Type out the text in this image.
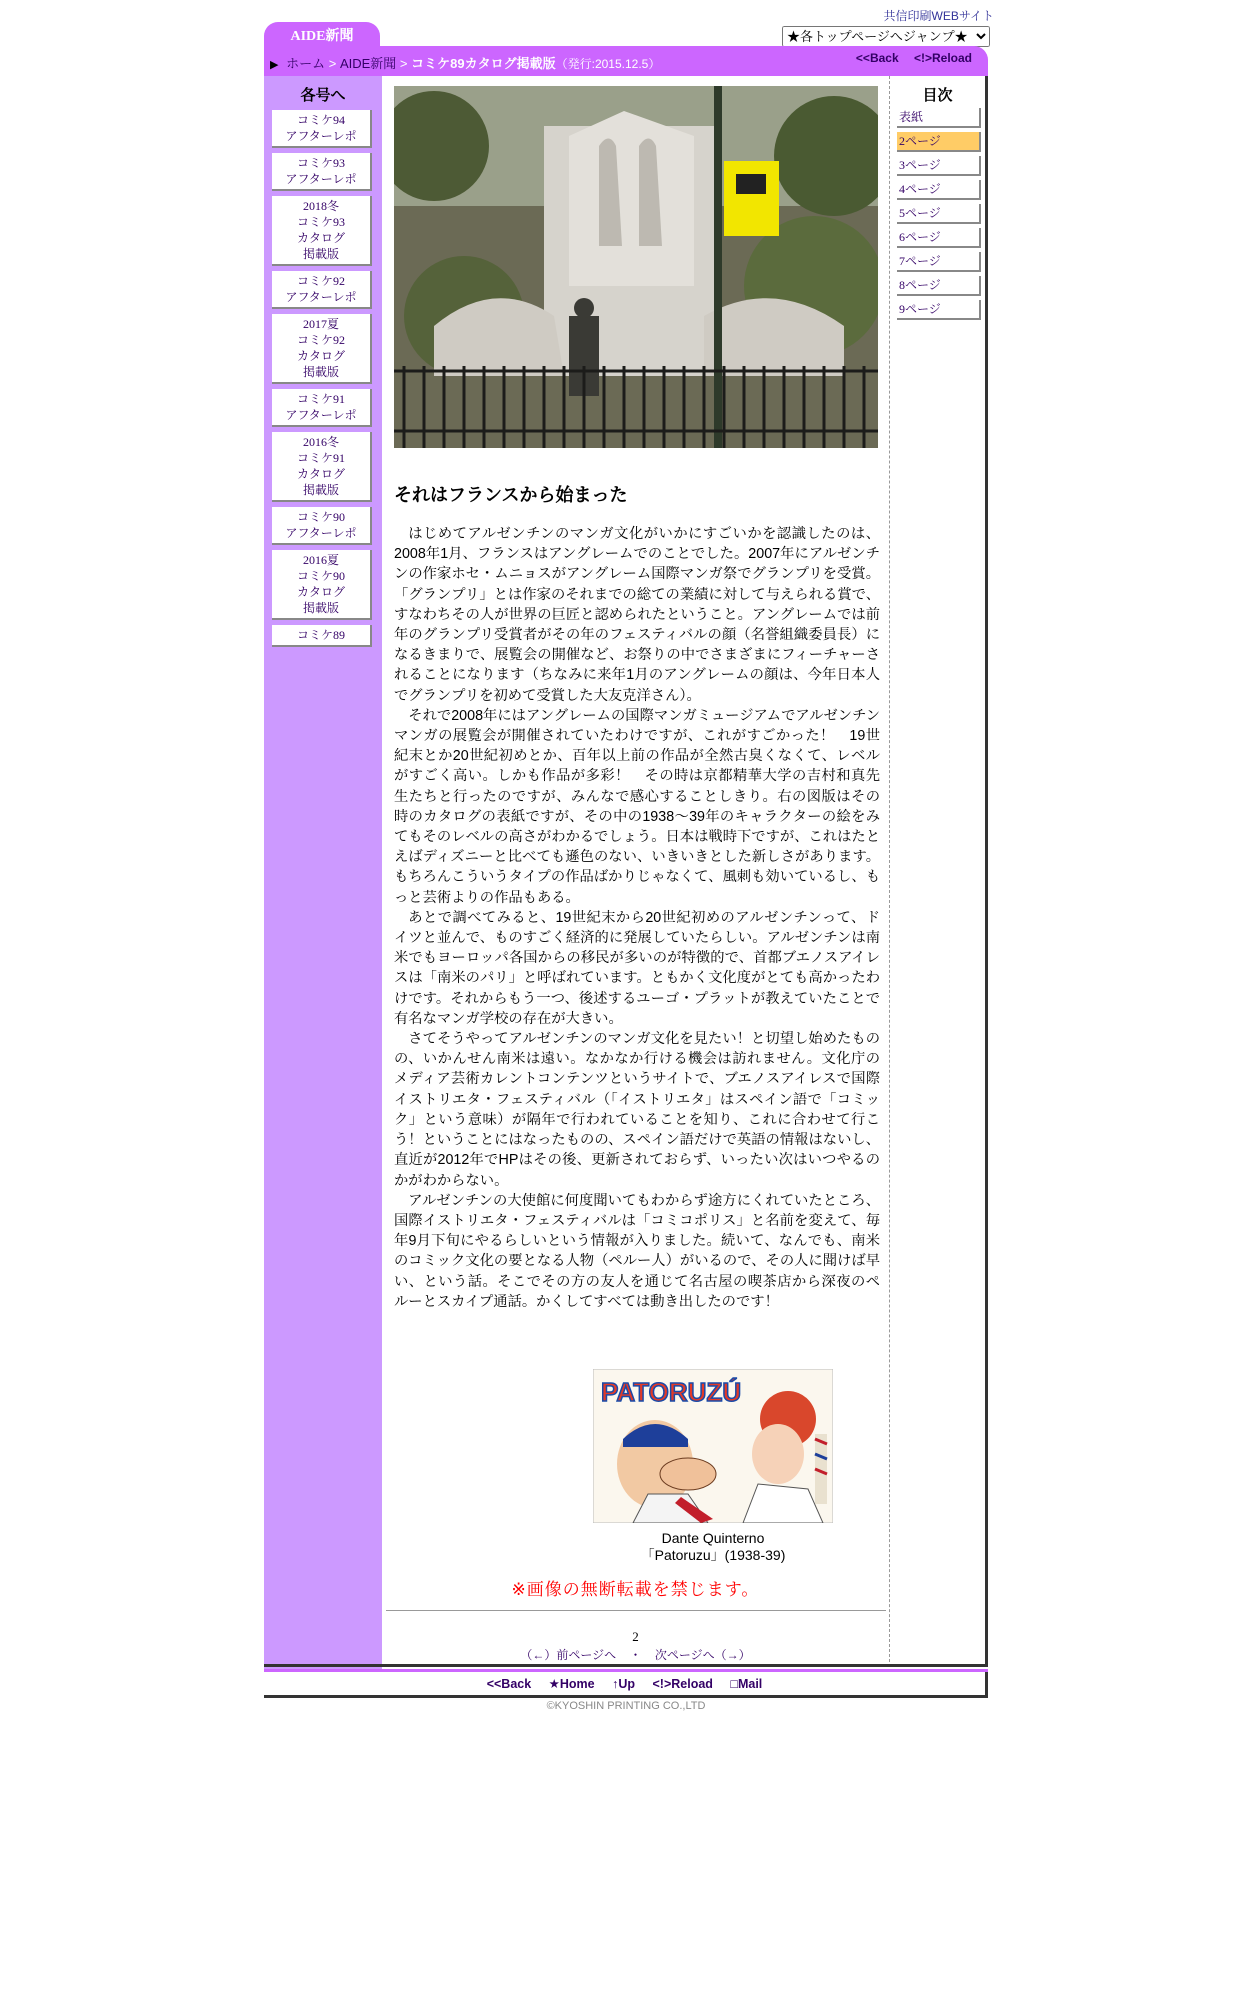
共信印刷WEBサイト
★各トップページへジャンプ★
AIDE新聞
▶ ホーム > AIDE新聞 > コミケ89カタログ掲載版（発行:2015.12.5）	<<Back <!>Reload
各号へ
コミケ94
アフターレポ
コミケ93
アフターレポ
2018冬
コミケ93
カタログ
掲載版
コミケ92
アフターレポ
2017夏
コミケ92
カタログ
掲載版
コミケ91
アフターレポ
2016冬
コミケ91
カタログ
掲載版
コミケ90
アフターレポ
2016夏
コミケ90
カタログ
掲載版
コミケ89
それはフランスから始まった

はじめてアルゼンチンのマンガ文化がいかにすごいかを認識したのは、2008年1月、フランスはアングレームでのことでした。2007年にアルゼンチンの作家ホセ・ムニョスがアングレーム国際マンガ祭でグランプリを受賞。「グランプリ」とは作家のそれまでの総ての業績に対して与えられる賞で、すなわちその人が世界の巨匠と認められたということ。アングレームでは前年のグランプリ受賞者がその年のフェスティバルの顔（名誉組織委員長）になるきまりで、展覧会の開催など、お祭りの中でさまざまにフィーチャーされることになります（ちなみに来年1月のアングレームの顔は、今年日本人でグランプリを初めて受賞した大友克洋さん）。

それで2008年にはアングレームの国際マンガミュージアムでアルゼンチンマンガの展覧会が開催されていたわけですが、これがすごかった！　19世紀末とか20世紀初めとか、百年以上前の作品が全然古臭くなくて、レベルがすごく高い。しかも作品が多彩！　その時は京都精華大学の吉村和真先生たちと行ったのですが、みんなで感心することしきり。右の図版はその時のカタログの表紙ですが、その中の1938～39年のキャラクターの絵をみてもそのレベルの高さがわかるでしょう。日本は戦時下ですが、これはたとえばディズニーと比べても遜色のない、いきいきとした新しさがあります。もちろんこういうタイプの作品ばかりじゃなくて、風刺も効いているし、もっと芸術よりの作品もある。

あとで調べてみると、19世紀末から20世紀初めのアルゼンチンって、ドイツと並んで、ものすごく経済的に発展していたらしい。アルゼンチンは南米でもヨーロッパ各国からの移民が多いのが特徴的で、首都ブエノスアイレスは「南米のパリ」と呼ばれています。ともかく文化度がとても高かったわけです。それからもう一つ、後述するユーゴ・プラットが教えていたことで有名なマンガ学校の存在が大きい。

さてそうやってアルゼンチンのマンガ文化を見たい！と切望し始めたものの、いかんせん南米は遠い。なかなか行ける機会は訪れません。文化庁のメディア芸術カレントコンテンツというサイトで、ブエノスアイレスで国際イストリエタ・フェスティバル（「イストリエタ」はスペイン語で「コミック」という意味）が隔年で行われていることを知り、これに合わせて行こう！ということにはなったものの、スペイン語だけで英語の情報はないし、直近が2012年でHPはその後、更新されておらず、いったい次はいつやるのかがわからない。

アルゼンチンの大使館に何度聞いてもわからず途方にくれていたところ、国際イストリエタ・フェスティバルは「コミコポリス」と名前を変えて、毎年9月下旬にやるらしいという情報が入りました。続いて、なんでも、南米のコミック文化の要となる人物（ペルー人）がいるので、その人に聞けば早い、という話。そこでその方の友人を通じて名古屋の喫茶店から深夜のペルーとスカイプ通話。かくしてすべては動き出したのです！

PATORUZÚ
Dante Quinterno
「Patoruzu」(1938-39)
※画像の無断転載を禁じます。
2
（←）前ページへ ・ 次ページへ（→）
目次
表紙
2ページ
3ページ
4ページ
5ページ
6ページ
7ページ
8ページ
9ページ
<<Back ★Home ↑Up <!>Reload □Mail
©KYOSHIN PRINTING CO.,LTD
